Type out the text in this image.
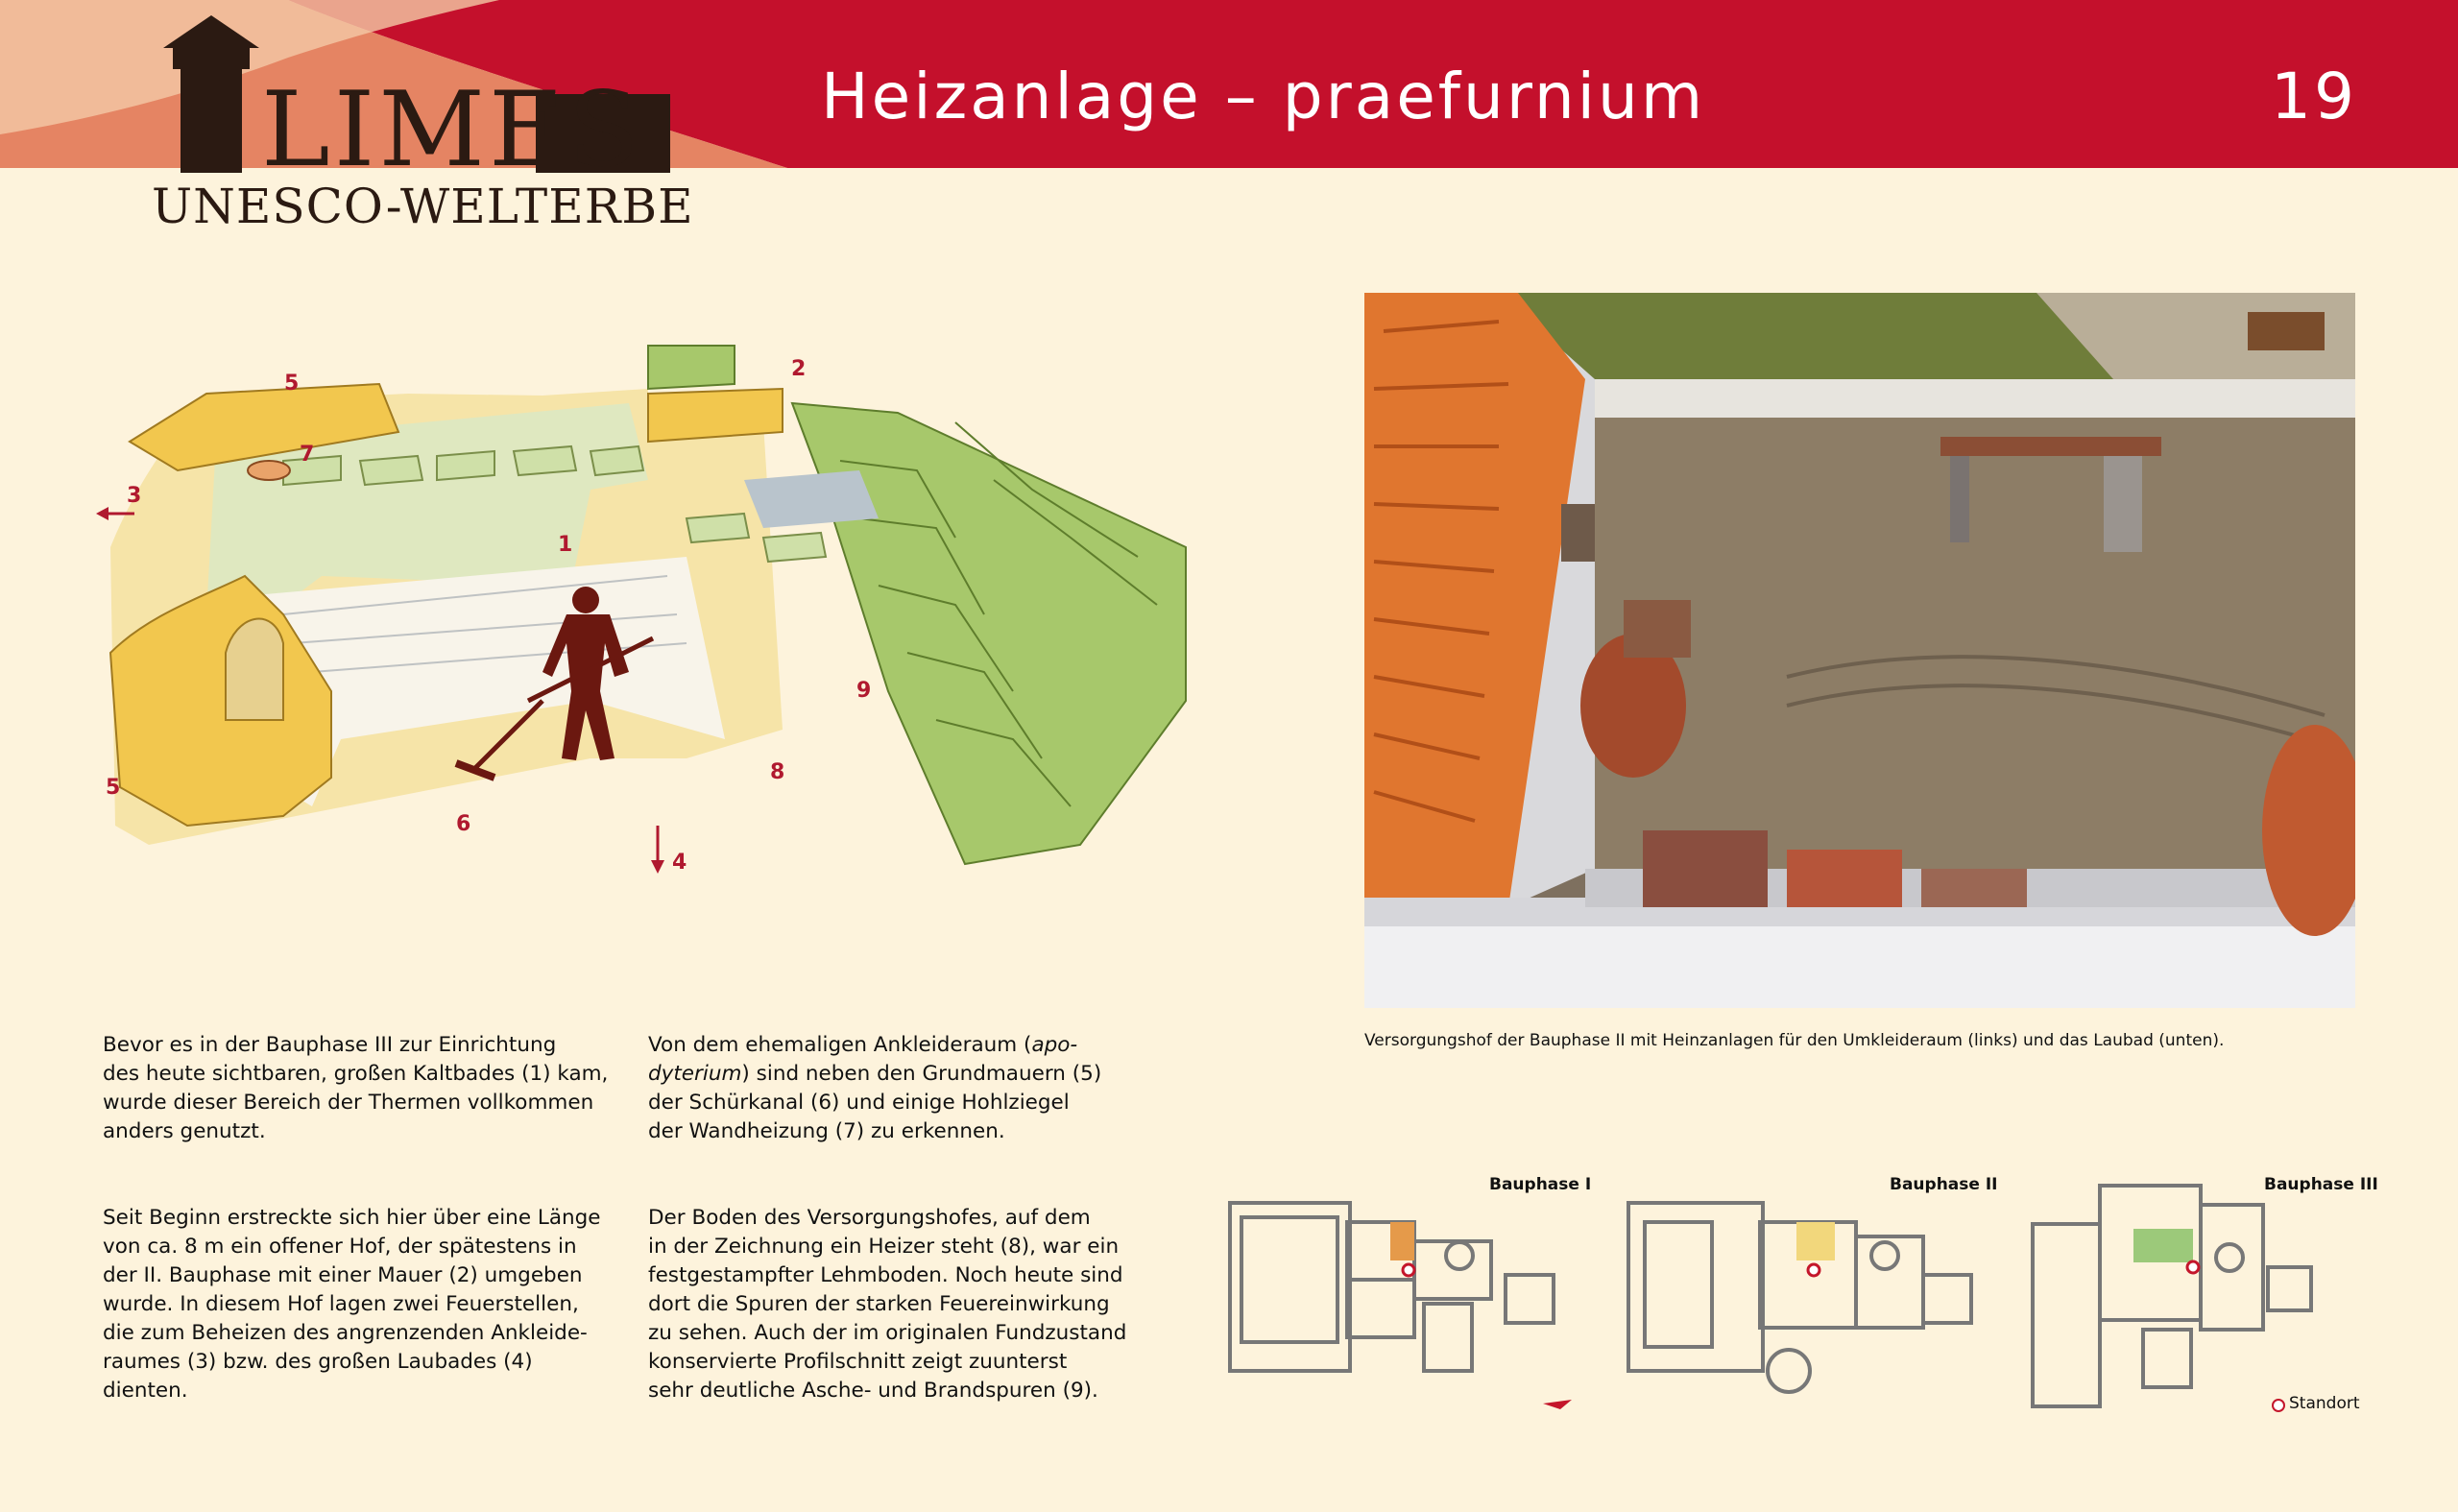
LIMES
UNESCO-WELTERBE
Heizanlage – praefurnium	19
5
2
7
3
1
9
5
8
6
4

Bevor es in der Bauphase III zur Einrichtung
des heute sichtbaren, großen Kaltbades (1) kam,
wurde dieser Bereich der Thermen vollkommen
anders genutzt.

Seit Beginn erstreckte sich hier über eine Länge
von ca. 8 m ein offener Hof, der spätestens in
der II. Bauphase mit einer Mauer (2) umgeben
wurde. In diesem Hof lagen zwei Feuerstellen,
die zum Beheizen des angrenzenden Ankleide-
raumes (3) bzw. des großen Laubades (4)
dienten.

Von dem ehemaligen Ankleideraum (apo-
dyterium) sind neben den Grundmauern (5)
der Schürkanal (6) und einige Hohlziegel
der Wandheizung (7) zu erkennen.

Der Boden des Versorgungshofes, auf dem
in der Zeichnung ein Heizer steht (8), war ein
festgestampfter Lehmboden. Noch heute sind
dort die Spuren der starken Feuereinwirkung
zu sehen. Auch der im originalen Fundzustand
konservierte Profilschnitt zeigt zuunterst
sehr deutliche Asche- und Brandspuren (9).

Versorgungshof der Bauphase II mit Heinzanlagen für den Umkleideraum (links) und das Laubad (unten).
Bauphase I	Bauphase II	Bauphase III
Standort
